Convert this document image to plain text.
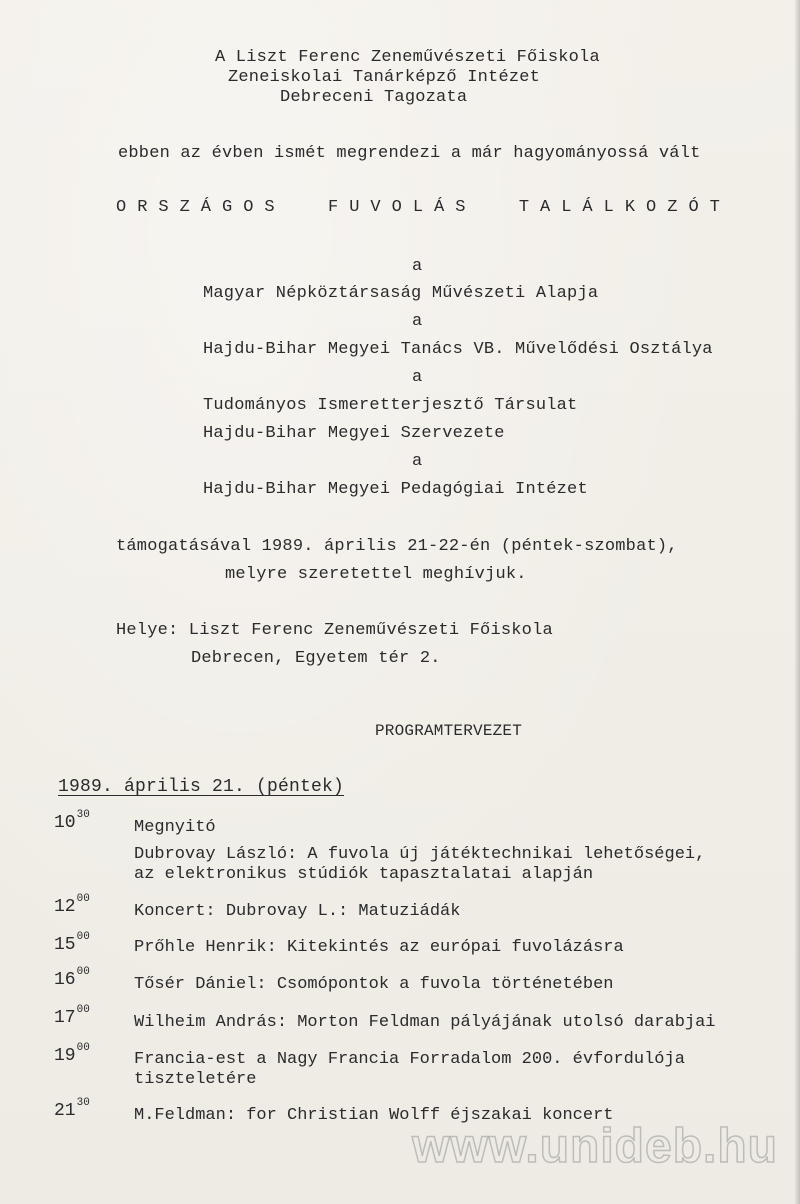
A Liszt Ferenc Zeneművészeti Főiskola
Zeneiskolai Tanárképző Intézet
Debreceni Tagozata
ebben az évben ismét megrendezi a már hagyományossá vált
ORSZÁGOS  FUVOLÁS  TALÁLKOZÓT
a
Magyar Népköztársaság Művészeti Alapja
a
Hajdu-Bihar Megyei Tanács VB. Művelődési Osztálya
a
Tudományos Ismeretterjesztő Társulat
Hajdu-Bihar Megyei Szervezete
a
Hajdu-Bihar Megyei Pedagógiai Intézet
támogatásával 1989. április 21-22-én (péntek-szombat),
melyre szeretettel meghívjuk.
Helye: Liszt Ferenc Zeneművészeti Főiskola
Debrecen, Egyetem tér 2.
PROGRAMTERVEZET
1989. április 21. (péntek)
$10^{30}$
Megnyitó
Dubrovay László: A fuvola új játéktechnikai lehetőségei,
az elektronikus stúdiók tapasztalatai alapján
$12^{00}$
Koncert: Dubrovay L.: Matuziádák
$15^{00}$
Prőhle Henrik: Kitekintés az európai fuvolázásra
$16^{00}$
Tősér Dániel: Csomópontok a fuvola történetében
$17^{00}$
Wilheim András: Morton Feldman pályájának utolsó darabjai
$19^{00}$
Francia-est a Nagy Francia Forradalom 200. évfordulója
tiszteletére
$21^{30}$
M.Feldman: for Christian Wolff éjszakai koncert
www.unideb.hu
